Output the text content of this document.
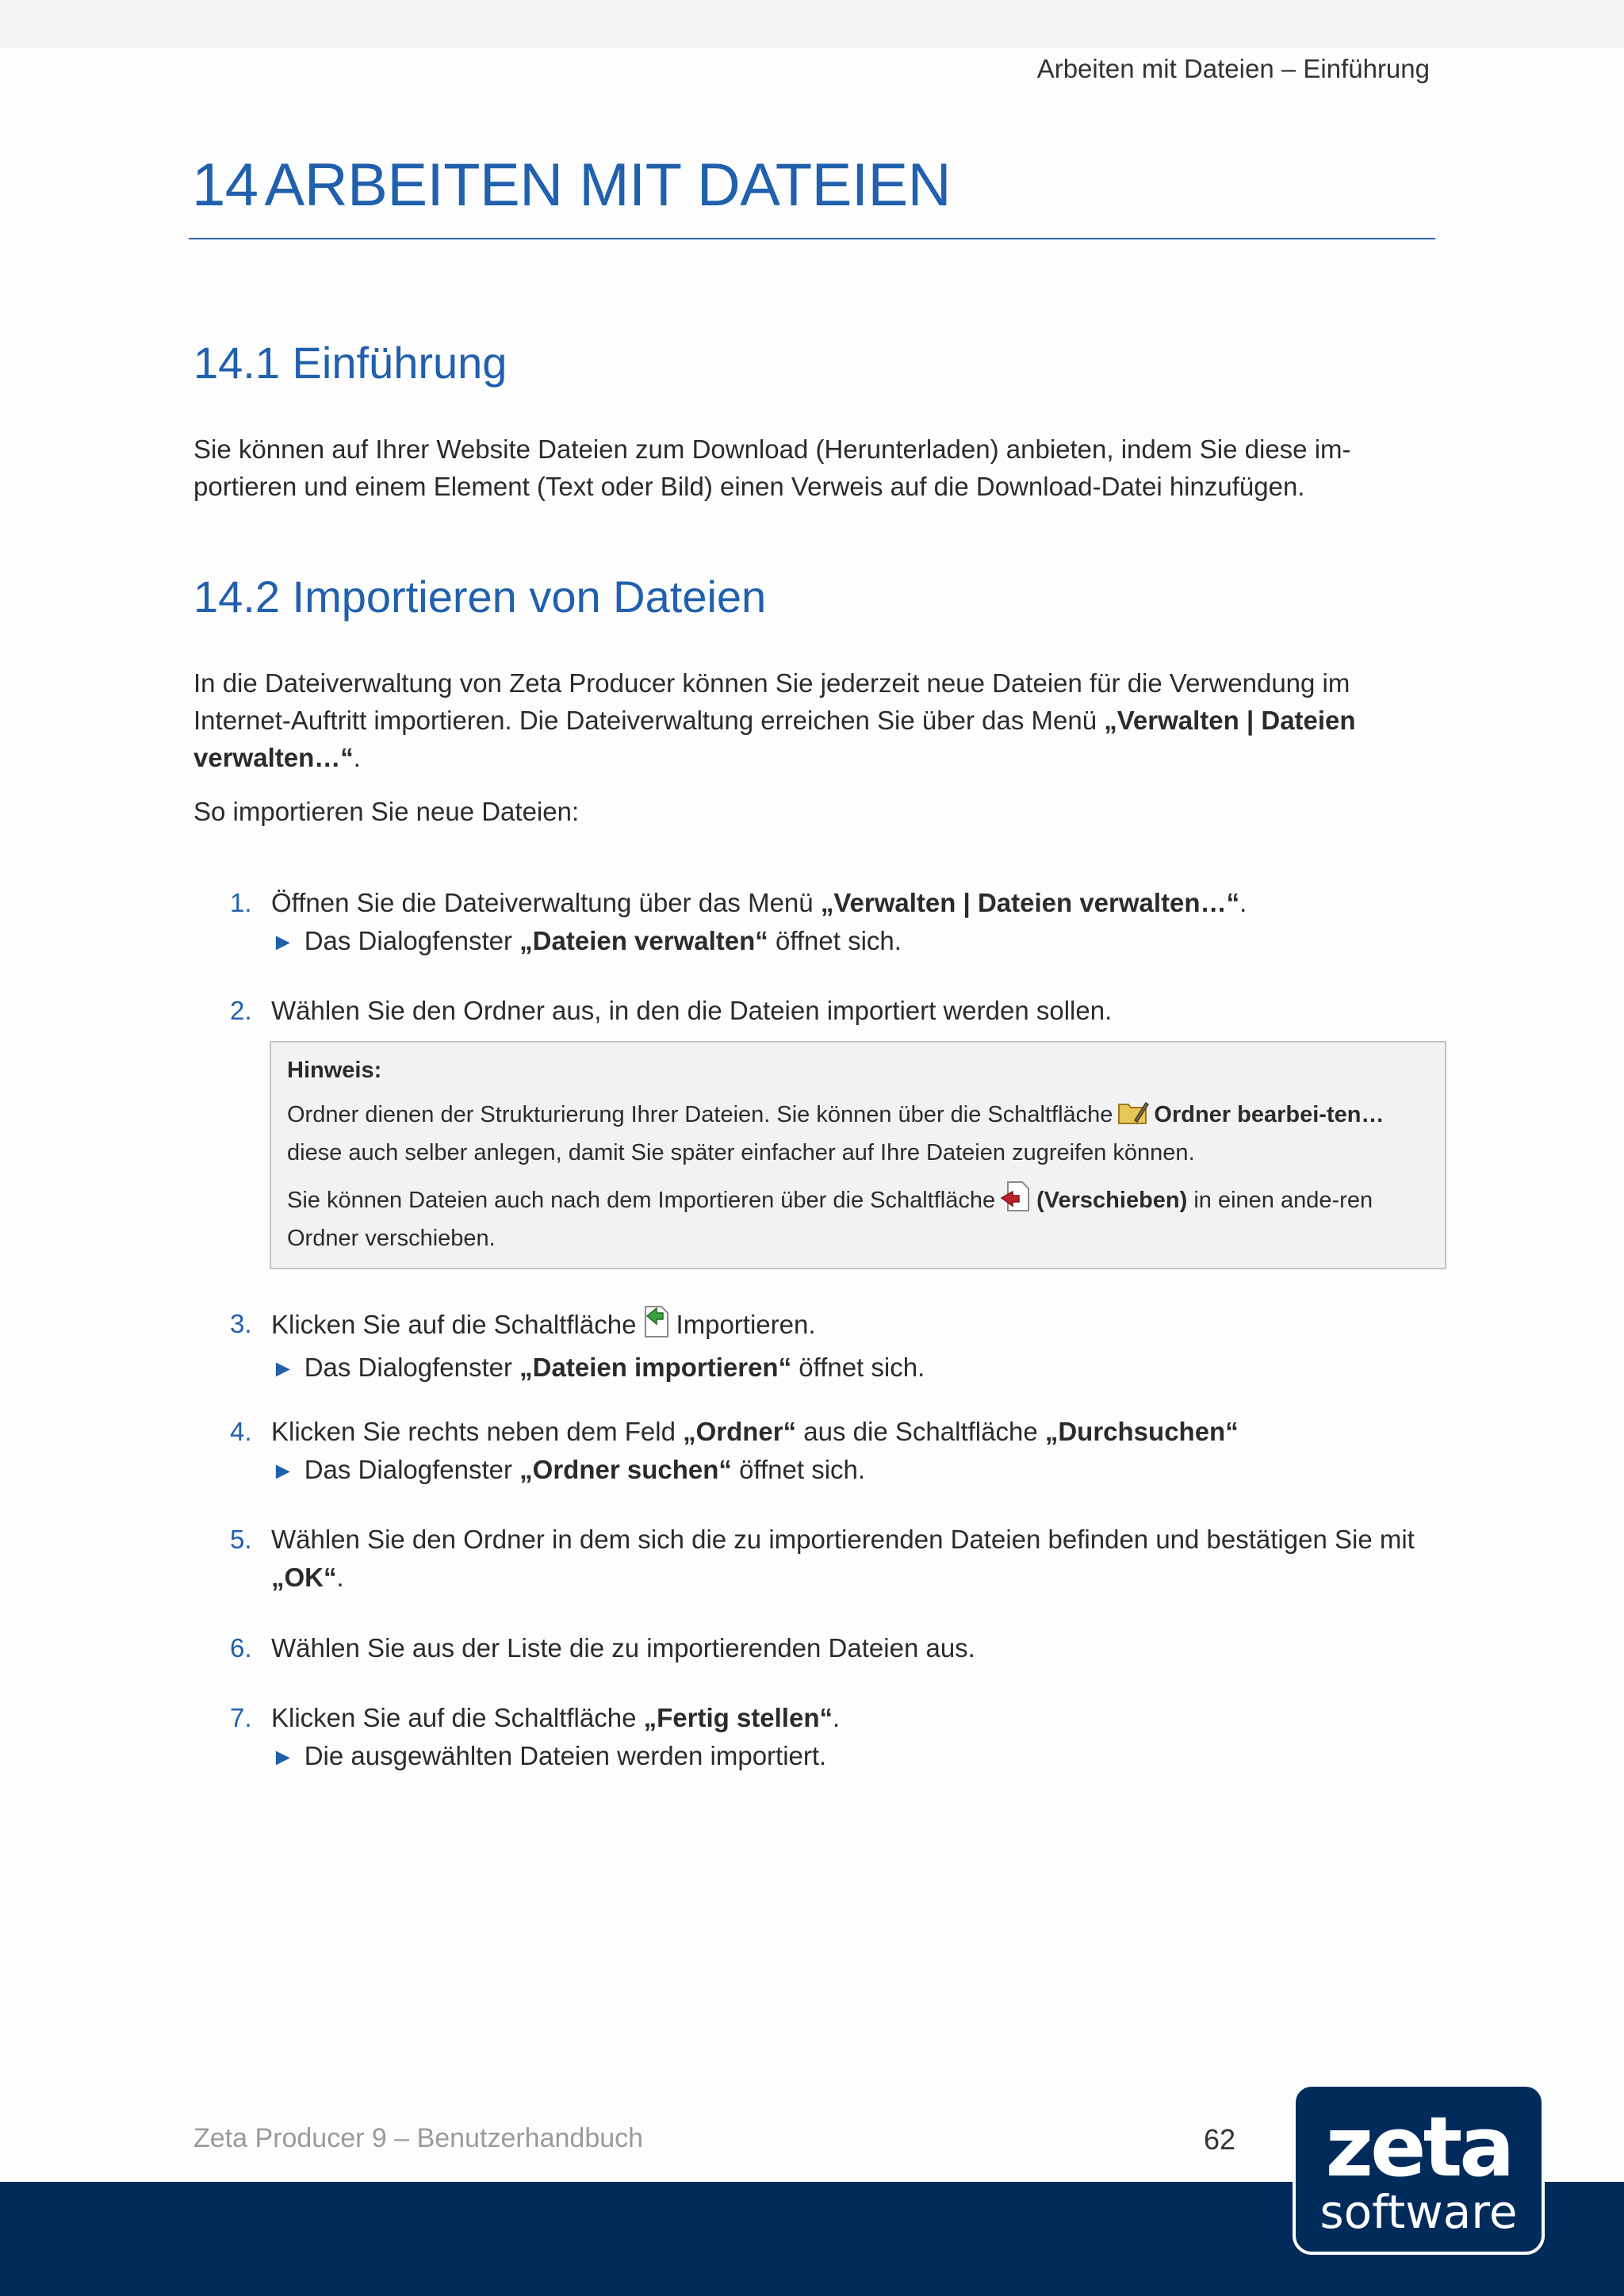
Arbeiten mit Dateien – Einführung
14 ARBEITEN MIT DATEIEN
14.1 Einführung
Sie können auf Ihrer Website Dateien zum Download (Herunterladen) anbieten, indem Sie diese im-
portieren und einem Element (Text oder Bild) einen Verweis auf die Download-Datei hinzufügen.
14.2 Importieren von Dateien
In die Dateiverwaltung von Zeta Producer können Sie jederzeit neue Dateien für die Verwendung im Internet-Auftritt importieren. Die Dateiverwaltung erreichen Sie über das Menü „Verwalten | Dateien verwalten…“.
So importieren Sie neue Dateien:
1. Öffnen Sie die Dateiverwaltung über das Menü „Verwalten | Dateien verwalten…“.
► Das Dialogfenster „Dateien verwalten“ öffnet sich.
2. Wählen Sie den Ordner aus, in den die Dateien importiert werden sollen.
Hinweis:

Ordner dienen der Strukturierung Ihrer Dateien. Sie können über die Schaltfläche Ordner bearbei-ten… diese auch selber anlegen, damit Sie später einfacher auf Ihre Dateien zugreifen können.

Sie können Dateien auch nach dem Importieren über die Schaltfläche (Verschieben) in einen ande-ren Ordner verschieben.

3. Klicken Sie auf die Schaltfläche Importieren.
► Das Dialogfenster „Dateien importieren“ öffnet sich.
4. Klicken Sie rechts neben dem Feld „Ordner“ aus die Schaltfläche „Durchsuchen“
► Das Dialogfenster „Ordner suchen“ öffnet sich.
5. Wählen Sie den Ordner in dem sich die zu importierenden Dateien befinden und bestätigen Sie mit „OK“.
6. Wählen Sie aus der Liste die zu importierenden Dateien aus.
7. Klicken Sie auf die Schaltfläche „Fertig stellen“.
► Die ausgewählten Dateien werden importiert.
Zeta Producer 9 – Benutzerhandbuch	62	zeta
software
